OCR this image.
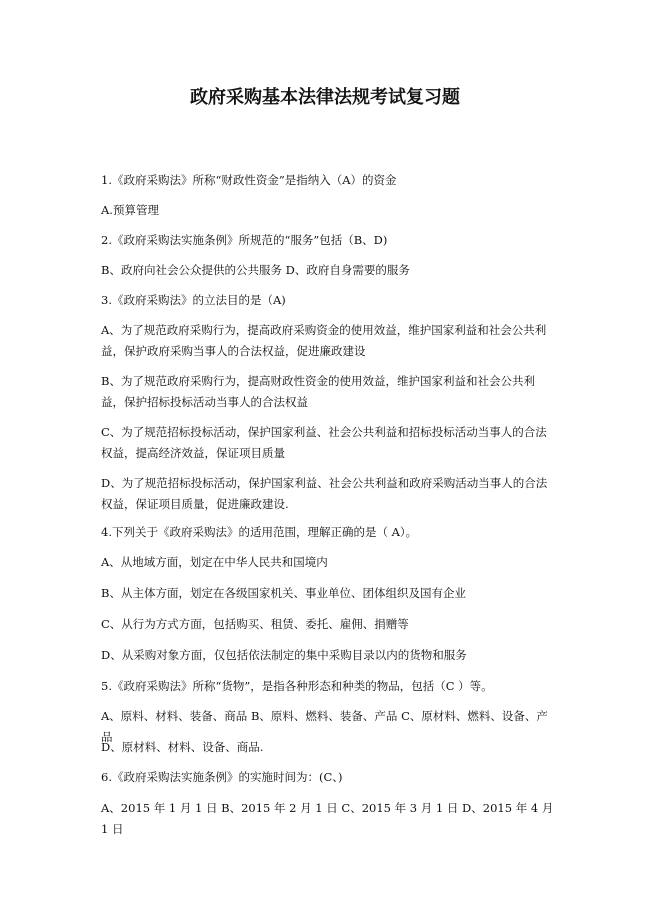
政府采购基本法律法规考试复习题

1.《政府采购法》所称“财政性资金”是指纳入（A）的资金

A.预算管理

2.《政府采购法实施条例》所规范的“服务”包括（B、D)

B、政府向社会公众提供的公共服务 D、政府自身需要的服务

3.《政府采购法》的立法目的是（A)

A、为了规范政府采购行为，提高政府采购资金的使用效益，维护国家利益和社会公共利益，保护政府采购当事人的合法权益，促进廉政建设

B、为了规范政府采购行为，提高财政性资金的使用效益，维护国家利益和社会公共利益，保护招标投标活动当事人的合法权益

C、为了规范招标投标活动，保护国家利益、社会公共利益和招标投标活动当事人的合法权益，提高经济效益，保证项目质量

D、为了规范招标投标活动，保护国家利益、社会公共利益和政府采购活动当事人的合法权益，保证项目质量，促进廉政建设.

4.下列关于《政府采购法》的适用范围，理解正确的是（ A）。

A、从地域方面，划定在中华人民共和国境内

B、从主体方面，划定在各级国家机关、事业单位、团体组织及国有企业

C、从行为方式方面，包括购买、租赁、委托、雇佣、捐赠等

D、从采购对象方面，仅包括依法制定的集中采购目录以内的货物和服务

5.《政府采购法》所称“货物”，是指各种形态和种类的物品，包括（C ）等。

A、原料、材料、装备、商品 B、原料、燃料、装备、产品 C、原材料、燃料、设备、产品

D、原材料、材料、设备、商品.

6.《政府采购法实施条例》的实施时间为：(C、)

A、2015 年 1 月 1 日 B、2015 年 2 月 1 日 C、2015 年 3 月 1 日 D、2015 年 4 月 1 日
